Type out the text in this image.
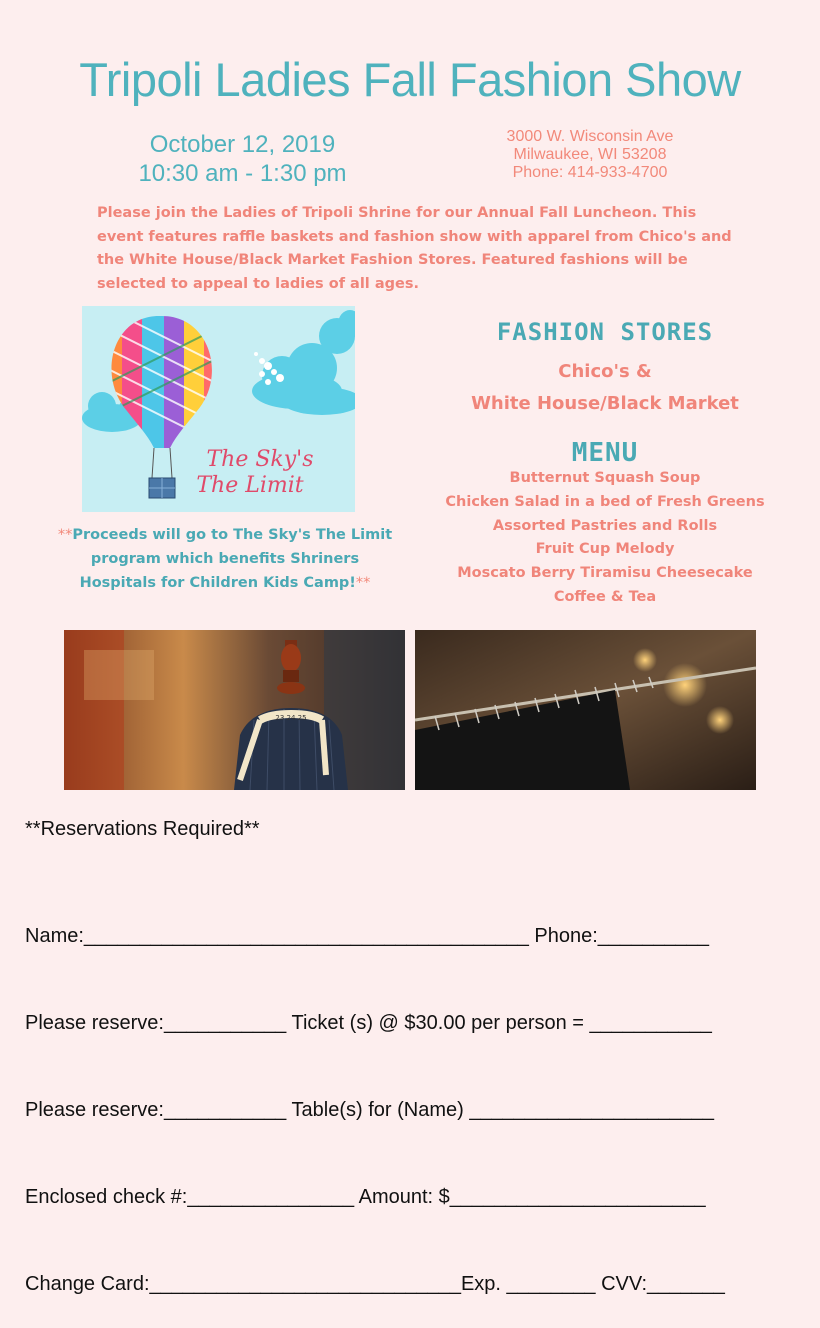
Tripoli Ladies Fall Fashion Show
October 12, 2019
10:30 am - 1:30 pm
3000 W. Wisconsin Ave
Milwaukee, WI 53208
Phone: 414-933-4700
Please join the Ladies of Tripoli Shrine for our Annual Fall Luncheon. This event features raffle baskets and fashion show with apparel from Chico's and the White House/Black Market Fashion Stores. Featured fashions will be selected to appeal to ladies of all ages.
The Sky's
The Limit
**Proceeds will go to The Sky's The Limit program which benefits Shriners Hospitals for Children Kids Camp!**
FASHION STORES
Chico's &
White House/Black Market
MENU
Butternut Squash Soup
Chicken Salad in a bed of Fresh Greens
Assorted Pastries and Rolls
Fruit Cup Melody
Moscato Berry Tiramisu Cheesecake
Coffee & Tea
23 24 25
**Reservations Required**

Name:________________________________________ Phone:__________

Please reserve:___________ Ticket (s) @ $30.00 per person = ___________

Please reserve:___________ Table(s) for (Name) ______________________

Enclosed check #:_______________ Amount: $_______________________

Change Card:____________________________Exp. ________ CVV:_______
